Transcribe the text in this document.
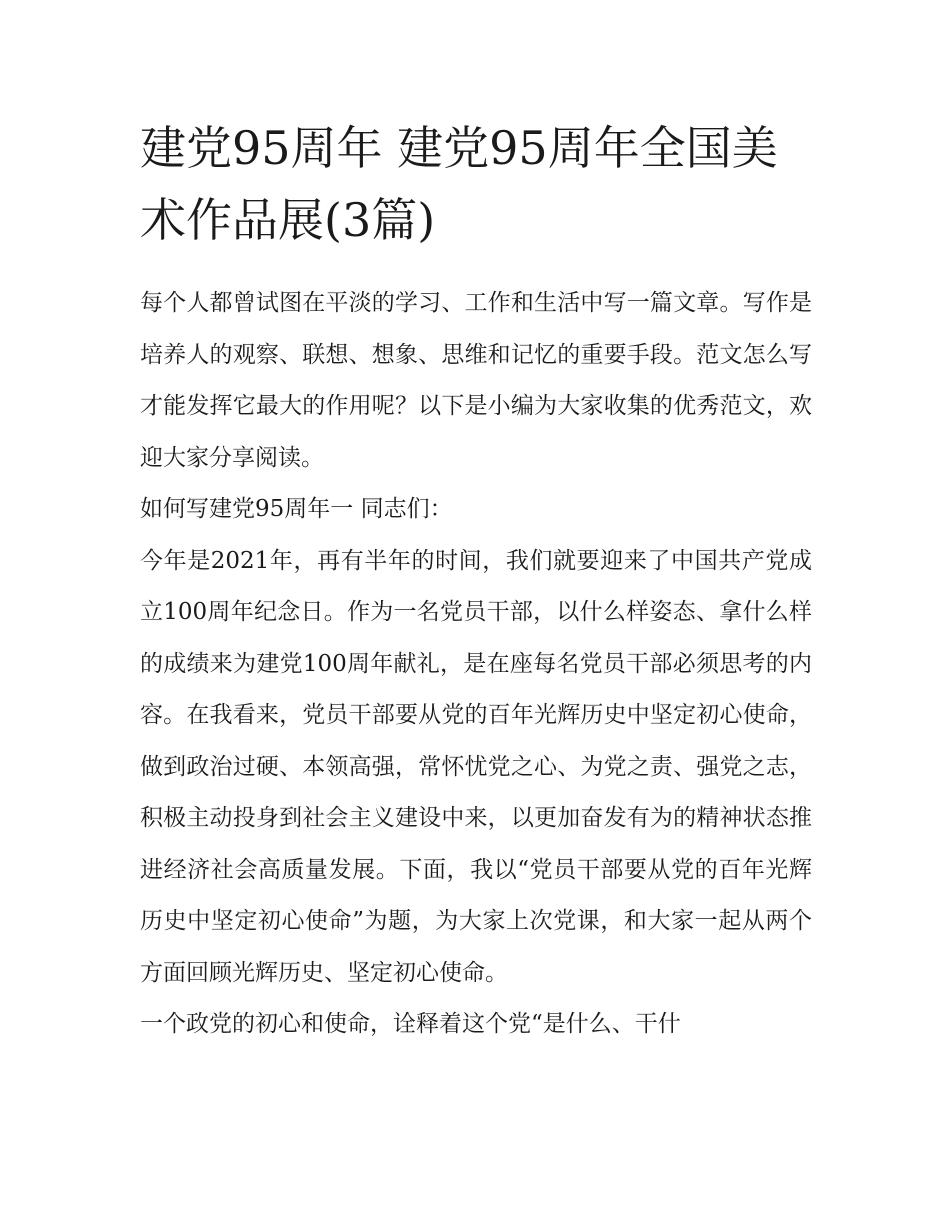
建党95周年 建党95周年全国美术作品展(3篇)

每个人都曾试图在平淡的学习、工作和生活中写一篇文章。写作是培养人的观察、联想、想象、思维和记忆的重要手段。范文怎么写才能发挥它最大的作用呢？以下是小编为大家收集的优秀范文，欢迎大家分享阅读。

如何写建党95周年一 同志们：

今年是2021年，再有半年的时间，我们就要迎来了中国共产党成立100周年纪念日。作为一名党员干部，以什么样姿态、拿什么样的成绩来为建党100周年献礼，是在座每名党员干部必须思考的内容。在我看来，党员干部要从党的百年光辉历史中坚定初心使命，做到政治过硬、本领高强，常怀忧党之心、为党之责、强党之志，积极主动投身到社会主义建设中来，以更加奋发有为的精神状态推进经济社会高质量发展。下面，我以“党员干部要从党的百年光辉历史中坚定初心使命”为题，为大家上次党课，和大家一起从两个方面回顾光辉历史、坚定初心使命。

一个政党的初心和使命，诠释着这个党“是什么、干什
